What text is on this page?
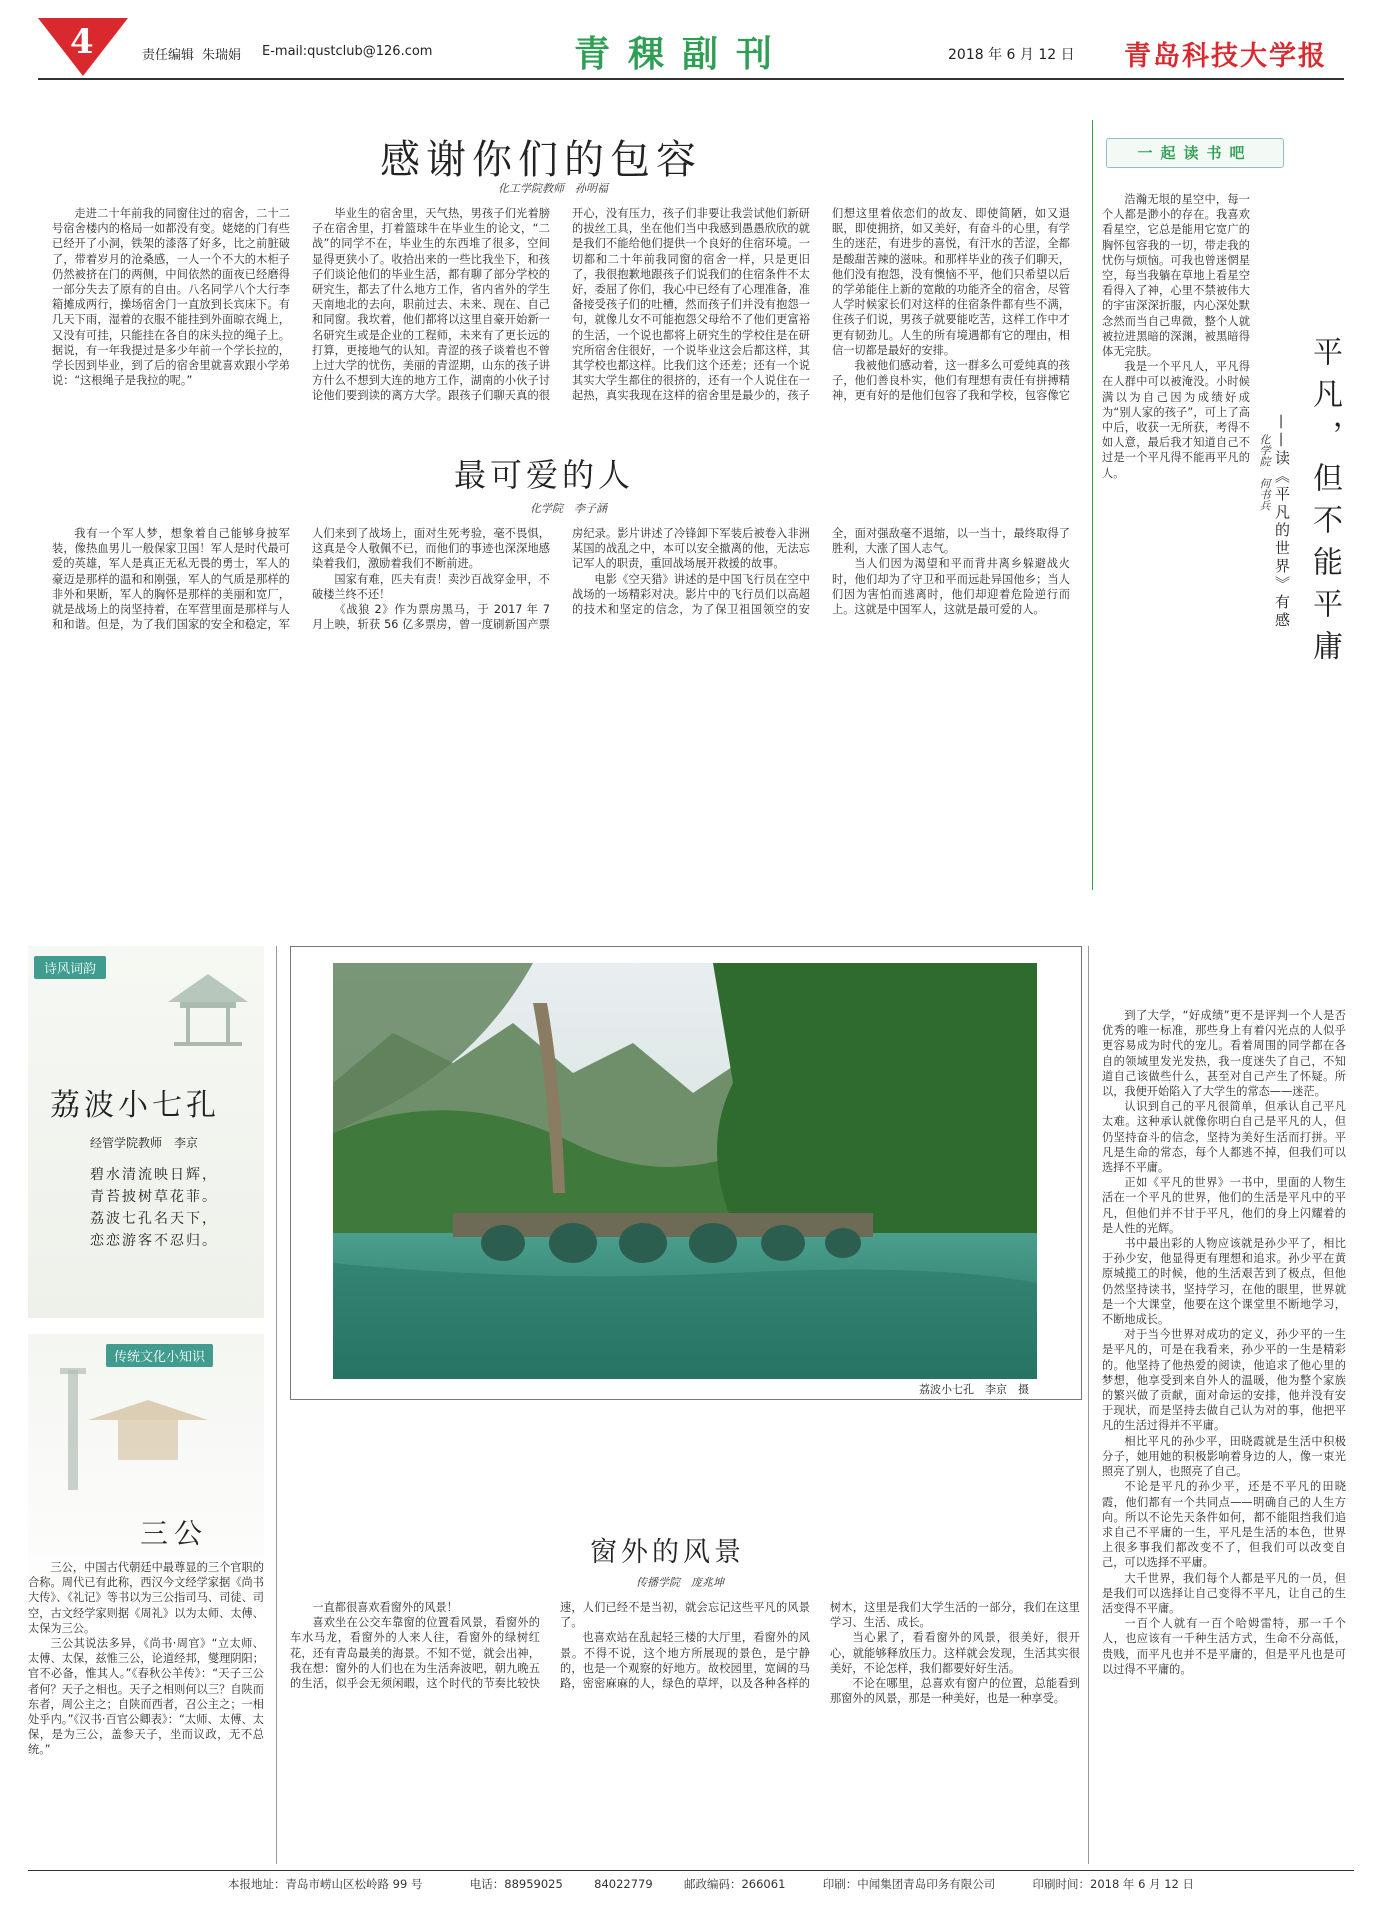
4	责任编辑 朱瑞娟 E-mail:qustclub@126.com	青稞副刊	2018 年 6 月 12 日 青岛科技大学报
感谢你们的包容
化工学院教师　孙明福

走进二十年前我的同窗住过的宿舍，二十二号宿舍楼内的格局一如都没有变。姥姥的门有些已经开了小洞，铁架的漆落了好多，比之前脏破了，带着岁月的沧桑感，一人一个不大的木柜子仍然被挤在门的两侧，中间依然的面夜已经磨得一部分失去了原有的自由。八名同学八个大行李箱摊成两行，操场宿舍门一直放到长宾床下。有几天下雨，湿着的衣服不能挂到外面晾衣绳上，又没有可挂，只能挂在各自的床头拉的绳子上。据说，有一年我提过是多少年前一个学长拉的，学长因到毕业，到了后的宿舍里就喜欢跟小学弟说：“这根绳子是我拉的呢。”

毕业生的宿舍里，天气热，男孩子们光着膀子在宿舍里，打着篮球牛在毕业生的论文，“二战”的同学不在，毕业生的东西堆了很多，空间显得更狭小了。收拾出来的一些比我坐下，和孩子们谈论他们的毕业生活，都有聊了部分学校的研究生，都去了什么地方工作，省内省外的学生天南地北的去向，职前过去、未来、现在、自己和同窗。我坎着，他们都将以这里自豪开始新一名研究生或是企业的工程师，未来有了更长远的打算，更接地气的认知。青涩的孩子谈着也不曾上过大学的忧伤，美丽的青涩期，山东的孩子讲方什么不想到大连的地方工作，湖南的小伙子讨论他们要到读的离方大学。跟孩子们聊天真的很开心，没有压力，孩子们非要让我尝试他们新研的拔丝工具，坐在他们当中我感到愚愚欣欣的就是我们不能给他们提供一个良好的住宿环境。一切都和二十年前我同窗的宿舍一样，只是更旧了，我很抱歉地跟孩子们说我们的住宿条件不太好，委屈了你们，我心中已经有了心理准备，准备接受孩子们的吐槽，然而孩子们并没有抱怨一句，就像儿女不可能抱怨父母给不了他们更富裕的生活，一个说也都将上研究生的学校住是在研究所宿舍住很好，一个说毕业这会后都这样，其其学校也都这样。比我们这个还差；还有一个说其实大学生都住的很挤的，还有一个人说住在一起热，真实我现在这样的宿舍里是最少的，孩子们想这里着依恋们的故友、即使简陋，如又退眠，即使拥挤，如又美好，有奋斗的心里，有学生的迷茫，有进步的喜悦，有汗水的苦涩，全都是酸甜苦辣的滋味。和那样毕业的孩子们聊天，他们没有抱怨，没有懊恼不平，他们只希望以后的学弟能住上新的宽敞的功能齐全的宿舍，尽管人学时候家长们对这样的住宿条件都有些不满，住孩子们说，男孩子就要能吃苦，这样工作中才更有韧劲儿。人生的所有境遇都有它的理由，相信一切都是最好的安排。

我被他们感动着，这一群多么可爱纯真的孩子，他们善良朴实，他们有理想有责任有拼搏精神，更有好的是他们包容了我和学校，包容像它

最可爱的人
化学院　李子涵

我有一个军人梦，想象着自己能够身披军装，像热血男儿一般保家卫国！军人是时代最可爱的英雄，军人是真正无私无畏的勇士，军人的豪迈是那样的温和和刚强，军人的气质是那样的非外和果断，军人的胸怀是那样的美丽和宽厂，就是战场上的岗坚持着，在军营里面是那样与人和和谐。但是，为了我们国家的安全和稳定，军人们来到了战场上，面对生死考验，毫不畏惧，这真是令人敬佩不已，而他们的事迹也深深地感染着我们，激励着我们不断前进。

国家有难，匹夫有责！卖沙百战穿金甲，不破楼兰终不还！

《战狼 2》作为票房黑马，于 2017 年 7 月上映，斩获 56 亿多票房，曾一度刷新国产票房纪录。影片讲述了冷锋卸下军装后被卷入非洲某国的战乱之中，本可以安全撤离的他，无法忘记军人的职责，重回战场展开救援的故事。

电影《空天猎》讲述的是中国飞行员在空中战场的一场精彩对决。影片中的飞行员们以高超的技术和坚定的信念，为了保卫祖国领空的安全，面对强敌毫不退缩，以一当十，最终取得了胜利，大涨了国人志气。

当人们因为渴望和平而背井离乡躲避战火时，他们却为了守卫和平而远赴异国他乡；当人们因为害怕而逃离时，他们却迎着危险逆行而上。这就是中国军人，这就是最可爱的人。

一起读书吧

浩瀚无垠的星空中，每一个人都是渺小的存在。我喜欢看星空，它总是能用它宽广的胸怀包容我的一切，带走我的忧伤与烦恼。可我也曾迷惘星空，每当我躺在草地上看星空看得入了神，心里不禁被伟大的宇宙深深折服，内心深处默念然而当自己卑微，整个人就被拉进黑暗的深渊，被黑暗得体无完肤。

我是一个平凡人，平凡得在人群中可以被淹没。小时候满以为自己因为成绩好成为“别人家的孩子”，可上了高中后，收获一无所获，考得不如人意，最后我才知道自己不过是一个平凡得不能再平凡的人。	平凡，但不能平庸
——读《平凡的世界》有感
化学院　何书兵

到了大学，“好成绩”更不是评判一个人是否优秀的唯一标准，那些身上有着闪光点的人似乎更容易成为时代的宠儿。看着周围的同学都在各自的领域里发光发热，我一度迷失了自己，不知道自己该做些什么，甚至对自己产生了怀疑。所以，我便开始陷入了大学生的常态——迷茫。

认识到自己的平凡很简单，但承认自己平凡太难。这种承认就像你明白自己是平凡的人，但仍坚持奋斗的信念，坚持为美好生活而打拼。平凡是生命的常态，每个人都逃不掉，但我们可以选择不平庸。

正如《平凡的世界》一书中，里面的人物生活在一个平凡的世界，他们的生活是平凡中的平凡，但他们并不甘于平凡，他们的身上闪耀着的是人性的光辉。

书中最出彩的人物应该就是孙少平了，相比于孙少安，他显得更有理想和追求。孙少平在黄原城揽工的时候，他的生活艰苦到了极点，但他仍然坚持读书，坚持学习，在他的眼里，世界就是一个大课堂，他要在这个课堂里不断地学习，不断地成长。

对于当今世界对成功的定义，孙少平的一生是平凡的，可是在我看来，孙少平的一生是精彩的。他坚持了他热爱的阅读，他追求了他心里的梦想，他享受到来自外人的温暖，他为整个家族的繁兴做了贡献，面对命运的安排，他并没有安于现状，而是坚持去做自己认为对的事，他把平凡的生活过得并不平庸。

相比平凡的孙少平，田晓霞就是生活中积极分子，她用她的积极影响着身边的人，像一束光照亮了别人，也照亮了自己。

不论是平凡的孙少平，还是不平凡的田晓霞，他们都有一个共同点——明确自己的人生方向。所以不论先天条件如何，都不能阻挡我们追求自己不平庸的一生，平凡是生活的本色，世界上很多事我们都改变不了，但我们可以改变自己，可以选择不平庸。

大千世界，我们每个人都是平凡的一员，但是我们可以选择让自己变得不平凡，让自己的生活变得不平庸。

一百个人就有一百个哈姆雷特，那一千个人，也应该有一千种生活方式，生命不分高低，贵贱，而平凡也并不是平庸的，但是平凡也是可以过得不平庸的。

诗风词韵
荔波小七孔
经管学院教师　李京
碧水清流映日辉，
青苔披树草花菲。
荔波七孔名天下，
恋恋游客不忍归。
传统文化小知识
三公

三公，中国古代朝廷中最尊显的三个官职的合称。周代已有此称，西汉今文经学家据《尚书大传》、《礼记》等书以为三公指司马、司徒、司空，古文经学家则据《周礼》以为太师、太傅、太保为三公。

三公其说法多异，《尚书·周官》“立太师、太傅、太保，兹惟三公，论道经邦，燮理阴阳；官不必备，惟其人。”《春秋公羊传》：“天子三公者何？天子之相也。天子之相则何以三？自陕而东者，周公主之；自陕而西者，召公主之；一相处乎内。”《汉书·百官公卿表》：“太师、太傅、太保，是为三公，盖参天子，坐而议政，无不总统。”

荔波小七孔　李京　摄
窗外的风景
传播学院　庞兆坤

一直都很喜欢看窗外的风景！

喜欢坐在公交车靠窗的位置看风景，看窗外的车水马龙，看窗外的人来人往，看窗外的绿树红花，还有青岛最美的海景。不知不觉，就会出神，我在想：窗外的人们也在为生活奔波吧，朝九晚五的生活，似乎会无须闲暇，这个时代的节奏比较快速，人们已经不是当初，就会忘记这些平凡的风景了。

也喜欢站在乱起轻三楼的大厅里，看窗外的风景。不得不说，这个地方所展现的景色，是宁静的，也是一个观察的好地方。故校园里，宽阔的马路，密密麻麻的人，绿色的草坪，以及各种各样的树木，这里是我们大学生活的一部分，我们在这里学习、生活、成长。

当心累了，看看窗外的风景，很美好，很开心，就能够释放压力。这样就会发现，生活其实很美好，不论怎样，我们都要好好生活。

不论在哪里，总喜欢有窗户的位置，总能看到那窗外的风景，那是一种美好，也是一种享受。

本报地址：青岛市崂山区松岭路 99 号	电话：88959025	84022779	邮政编码：266061	印刷：中闻集团青岛印务有限公司	印刷时间：2018 年 6 月 12 日
